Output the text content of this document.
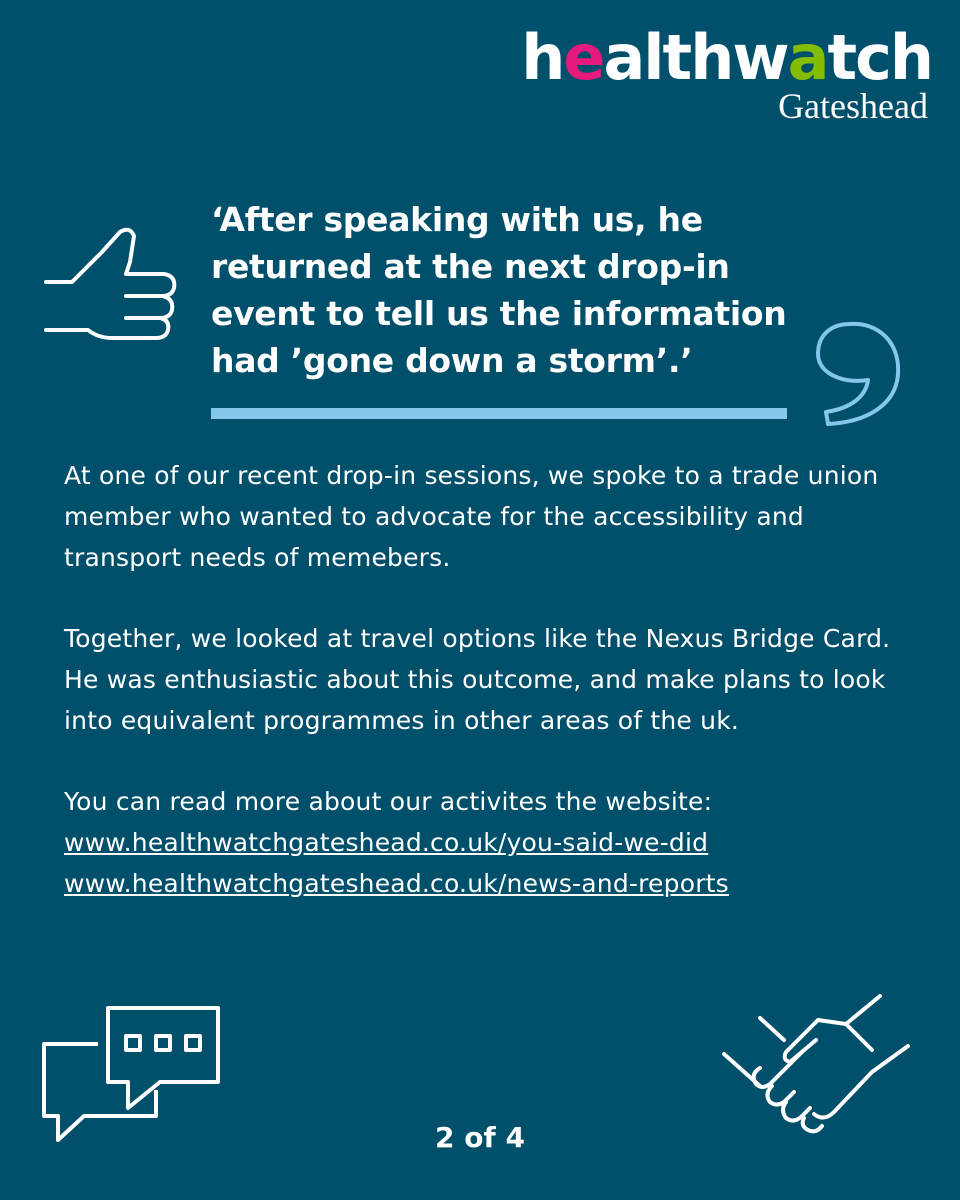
healthwatch
Gateshead
‘After speaking with us, he
returned at the next drop-in
event to tell us the information
had ’gone down a storm’.’

At one of our recent drop-in sessions, we spoke to a trade union member who wanted to advocate for the accessibility and transport needs of memebers.

Together, we looked at travel options like the Nexus Bridge Card. He was enthusiastic about this outcome, and make plans to look into equivalent programmes in other areas of the uk.

You can read more about our activites the website:
www.healthwatchgateshead.co.uk/you-said-we-did
www.healthwatchgateshead.co.uk/news-and-reports
2 of 4
